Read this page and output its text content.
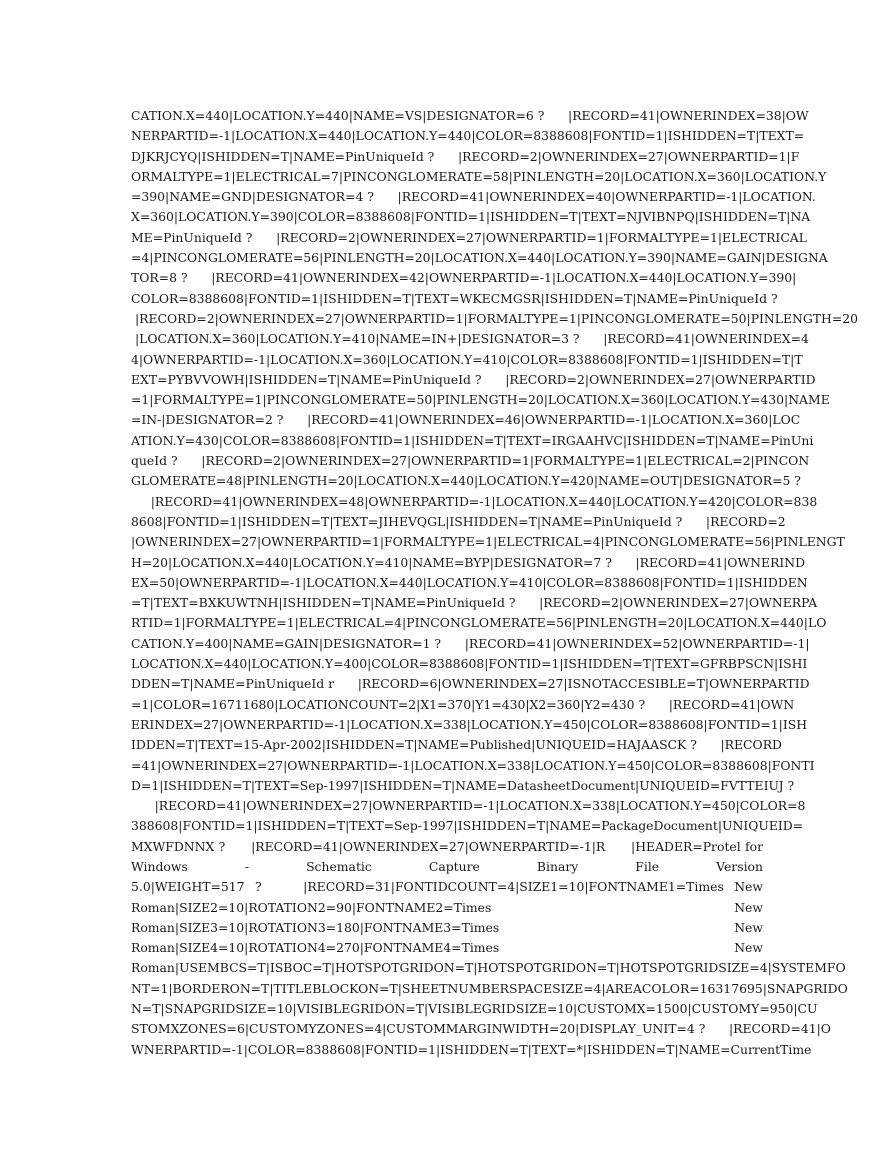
CATION.X=440|LOCATION.Y=440|NAME=VS|DESIGNATOR=6 ?      |RECORD=41|OWNERINDEX=38|OW
NERPARTID=-1|LOCATION.X=440|LOCATION.Y=440|COLOR=8388608|FONTID=1|ISHIDDEN=T|TEXT=
DJKRJCYQ|ISHIDDEN=T|NAME=PinUniqueId ?      |RECORD=2|OWNERINDEX=27|OWNERPARTID=1|F
ORMALTYPE=1|ELECTRICAL=7|PINCONGLOMERATE=58|PINLENGTH=20|LOCATION.X=360|LOCATION.Y
=390|NAME=GND|DESIGNATOR=4 ?      |RECORD=41|OWNERINDEX=40|OWNERPARTID=-1|LOCATION.
X=360|LOCATION.Y=390|COLOR=8388608|FONTID=1|ISHIDDEN=T|TEXT=NJVIBNPQ|ISHIDDEN=T|NA
ME=PinUniqueId ?      |RECORD=2|OWNERINDEX=27|OWNERPARTID=1|FORMALTYPE=1|ELECTRICAL
=4|PINCONGLOMERATE=56|PINLENGTH=20|LOCATION.X=440|LOCATION.Y=390|NAME=GAIN|DESIGNA
TOR=8 ?      |RECORD=41|OWNERINDEX=42|OWNERPARTID=-1|LOCATION.X=440|LOCATION.Y=390|
COLOR=8388608|FONTID=1|ISHIDDEN=T|TEXT=WKECMGSR|ISHIDDEN=T|NAME=PinUniqueId ?
|RECORD=2|OWNERINDEX=27|OWNERPARTID=1|FORMALTYPE=1|PINCONGLOMERATE=50|PINLENGTH=20
|LOCATION.X=360|LOCATION.Y=410|NAME=IN+|DESIGNATOR=3 ?      |RECORD=41|OWNERINDEX=4
4|OWNERPARTID=-1|LOCATION.X=360|LOCATION.Y=410|COLOR=8388608|FONTID=1|ISHIDDEN=T|T
EXT=PYBVVOWH|ISHIDDEN=T|NAME=PinUniqueId ?      |RECORD=2|OWNERINDEX=27|OWNERPARTID
=1|FORMALTYPE=1|PINCONGLOMERATE=50|PINLENGTH=20|LOCATION.X=360|LOCATION.Y=430|NAME
=IN-|DESIGNATOR=2 ?      |RECORD=41|OWNERINDEX=46|OWNERPARTID=-1|LOCATION.X=360|LOC
ATION.Y=430|COLOR=8388608|FONTID=1|ISHIDDEN=T|TEXT=IRGAAHVC|ISHIDDEN=T|NAME=PinUni
queId ?      |RECORD=2|OWNERINDEX=27|OWNERPARTID=1|FORMALTYPE=1|ELECTRICAL=2|PINCON
GLOMERATE=48|PINLENGTH=20|LOCATION.X=440|LOCATION.Y=420|NAME=OUT|DESIGNATOR=5 ?
|RECORD=41|OWNERINDEX=48|OWNERPARTID=-1|LOCATION.X=440|LOCATION.Y=420|COLOR=838
8608|FONTID=1|ISHIDDEN=T|TEXT=JIHEVQGL|ISHIDDEN=T|NAME=PinUniqueId ?      |RECORD=2
|OWNERINDEX=27|OWNERPARTID=1|FORMALTYPE=1|ELECTRICAL=4|PINCONGLOMERATE=56|PINLENGT
H=20|LOCATION.X=440|LOCATION.Y=410|NAME=BYP|DESIGNATOR=7 ?      |RECORD=41|OWNERIND
EX=50|OWNERPARTID=-1|LOCATION.X=440|LOCATION.Y=410|COLOR=8388608|FONTID=1|ISHIDDEN
=T|TEXT=BXKUWTNH|ISHIDDEN=T|NAME=PinUniqueId ?      |RECORD=2|OWNERINDEX=27|OWNERPA
RTID=1|FORMALTYPE=1|ELECTRICAL=4|PINCONGLOMERATE=56|PINLENGTH=20|LOCATION.X=440|LO
CATION.Y=400|NAME=GAIN|DESIGNATOR=1 ?      |RECORD=41|OWNERINDEX=52|OWNERPARTID=-1|
LOCATION.X=440|LOCATION.Y=400|COLOR=8388608|FONTID=1|ISHIDDEN=T|TEXT=GFRBPSCN|ISHI
DDEN=T|NAME=PinUniqueId r      |RECORD=6|OWNERINDEX=27|ISNOTACCESIBLE=T|OWNERPARTID
=1|COLOR=16711680|LOCATIONCOUNT=2|X1=370|Y1=430|X2=360|Y2=430 ?      |RECORD=41|OWN
ERINDEX=27|OWNERPARTID=-1|LOCATION.X=338|LOCATION.Y=450|COLOR=8388608|FONTID=1|ISH
IDDEN=T|TEXT=15-Apr-2002|ISHIDDEN=T|NAME=Published|UNIQUEID=HAJAASCK ?      |RECORD
=41|OWNERINDEX=27|OWNERPARTID=-1|LOCATION.X=338|LOCATION.Y=450|COLOR=8388608|FONTI
D=1|ISHIDDEN=T|TEXT=Sep-1997|ISHIDDEN=T|NAME=DatasheetDocument|UNIQUEID=FVTTEIUJ ?
|RECORD=41|OWNERINDEX=27|OWNERPARTID=-1|LOCATION.X=338|LOCATION.Y=450|COLOR=8
388608|FONTID=1|ISHIDDEN=T|TEXT=Sep-1997|ISHIDDEN=T|NAME=PackageDocument|UNIQUEID=
MXWFDNNX ?      |RECORD=41|OWNERINDEX=27|OWNERPARTID=-1|R      |HEADER=Protel for
Windows - Schematic Capture Binary File Version
5.0|WEIGHT=517 ?    |RECORD=31|FONTIDCOUNT=4|SIZE1=10|FONTNAME1=Times New
Roman|SIZE2=10|ROTATION2=90|FONTNAME2=Times New
Roman|SIZE3=10|ROTATION3=180|FONTNAME3=Times New
Roman|SIZE4=10|ROTATION4=270|FONTNAME4=Times New
Roman|USEMBCS=T|ISBOC=T|HOTSPOTGRIDON=T|HOTSPOTGRIDON=T|HOTSPOTGRIDSIZE=4|SYSTEMFO
NT=1|BORDERON=T|TITLEBLOCKON=T|SHEETNUMBERSPACESIZE=4|AREACOLOR=16317695|SNAPGRIDO
N=T|SNAPGRIDSIZE=10|VISIBLEGRIDON=T|VISIBLEGRIDSIZE=10|CUSTOMX=1500|CUSTOMY=950|CU
STOMXZONES=6|CUSTOMYZONES=4|CUSTOMMARGINWIDTH=20|DISPLAY_UNIT=4 ?      |RECORD=41|O
WNERPARTID=-1|COLOR=8388608|FONTID=1|ISHIDDEN=T|TEXT=*|ISHIDDEN=T|NAME=CurrentTime
